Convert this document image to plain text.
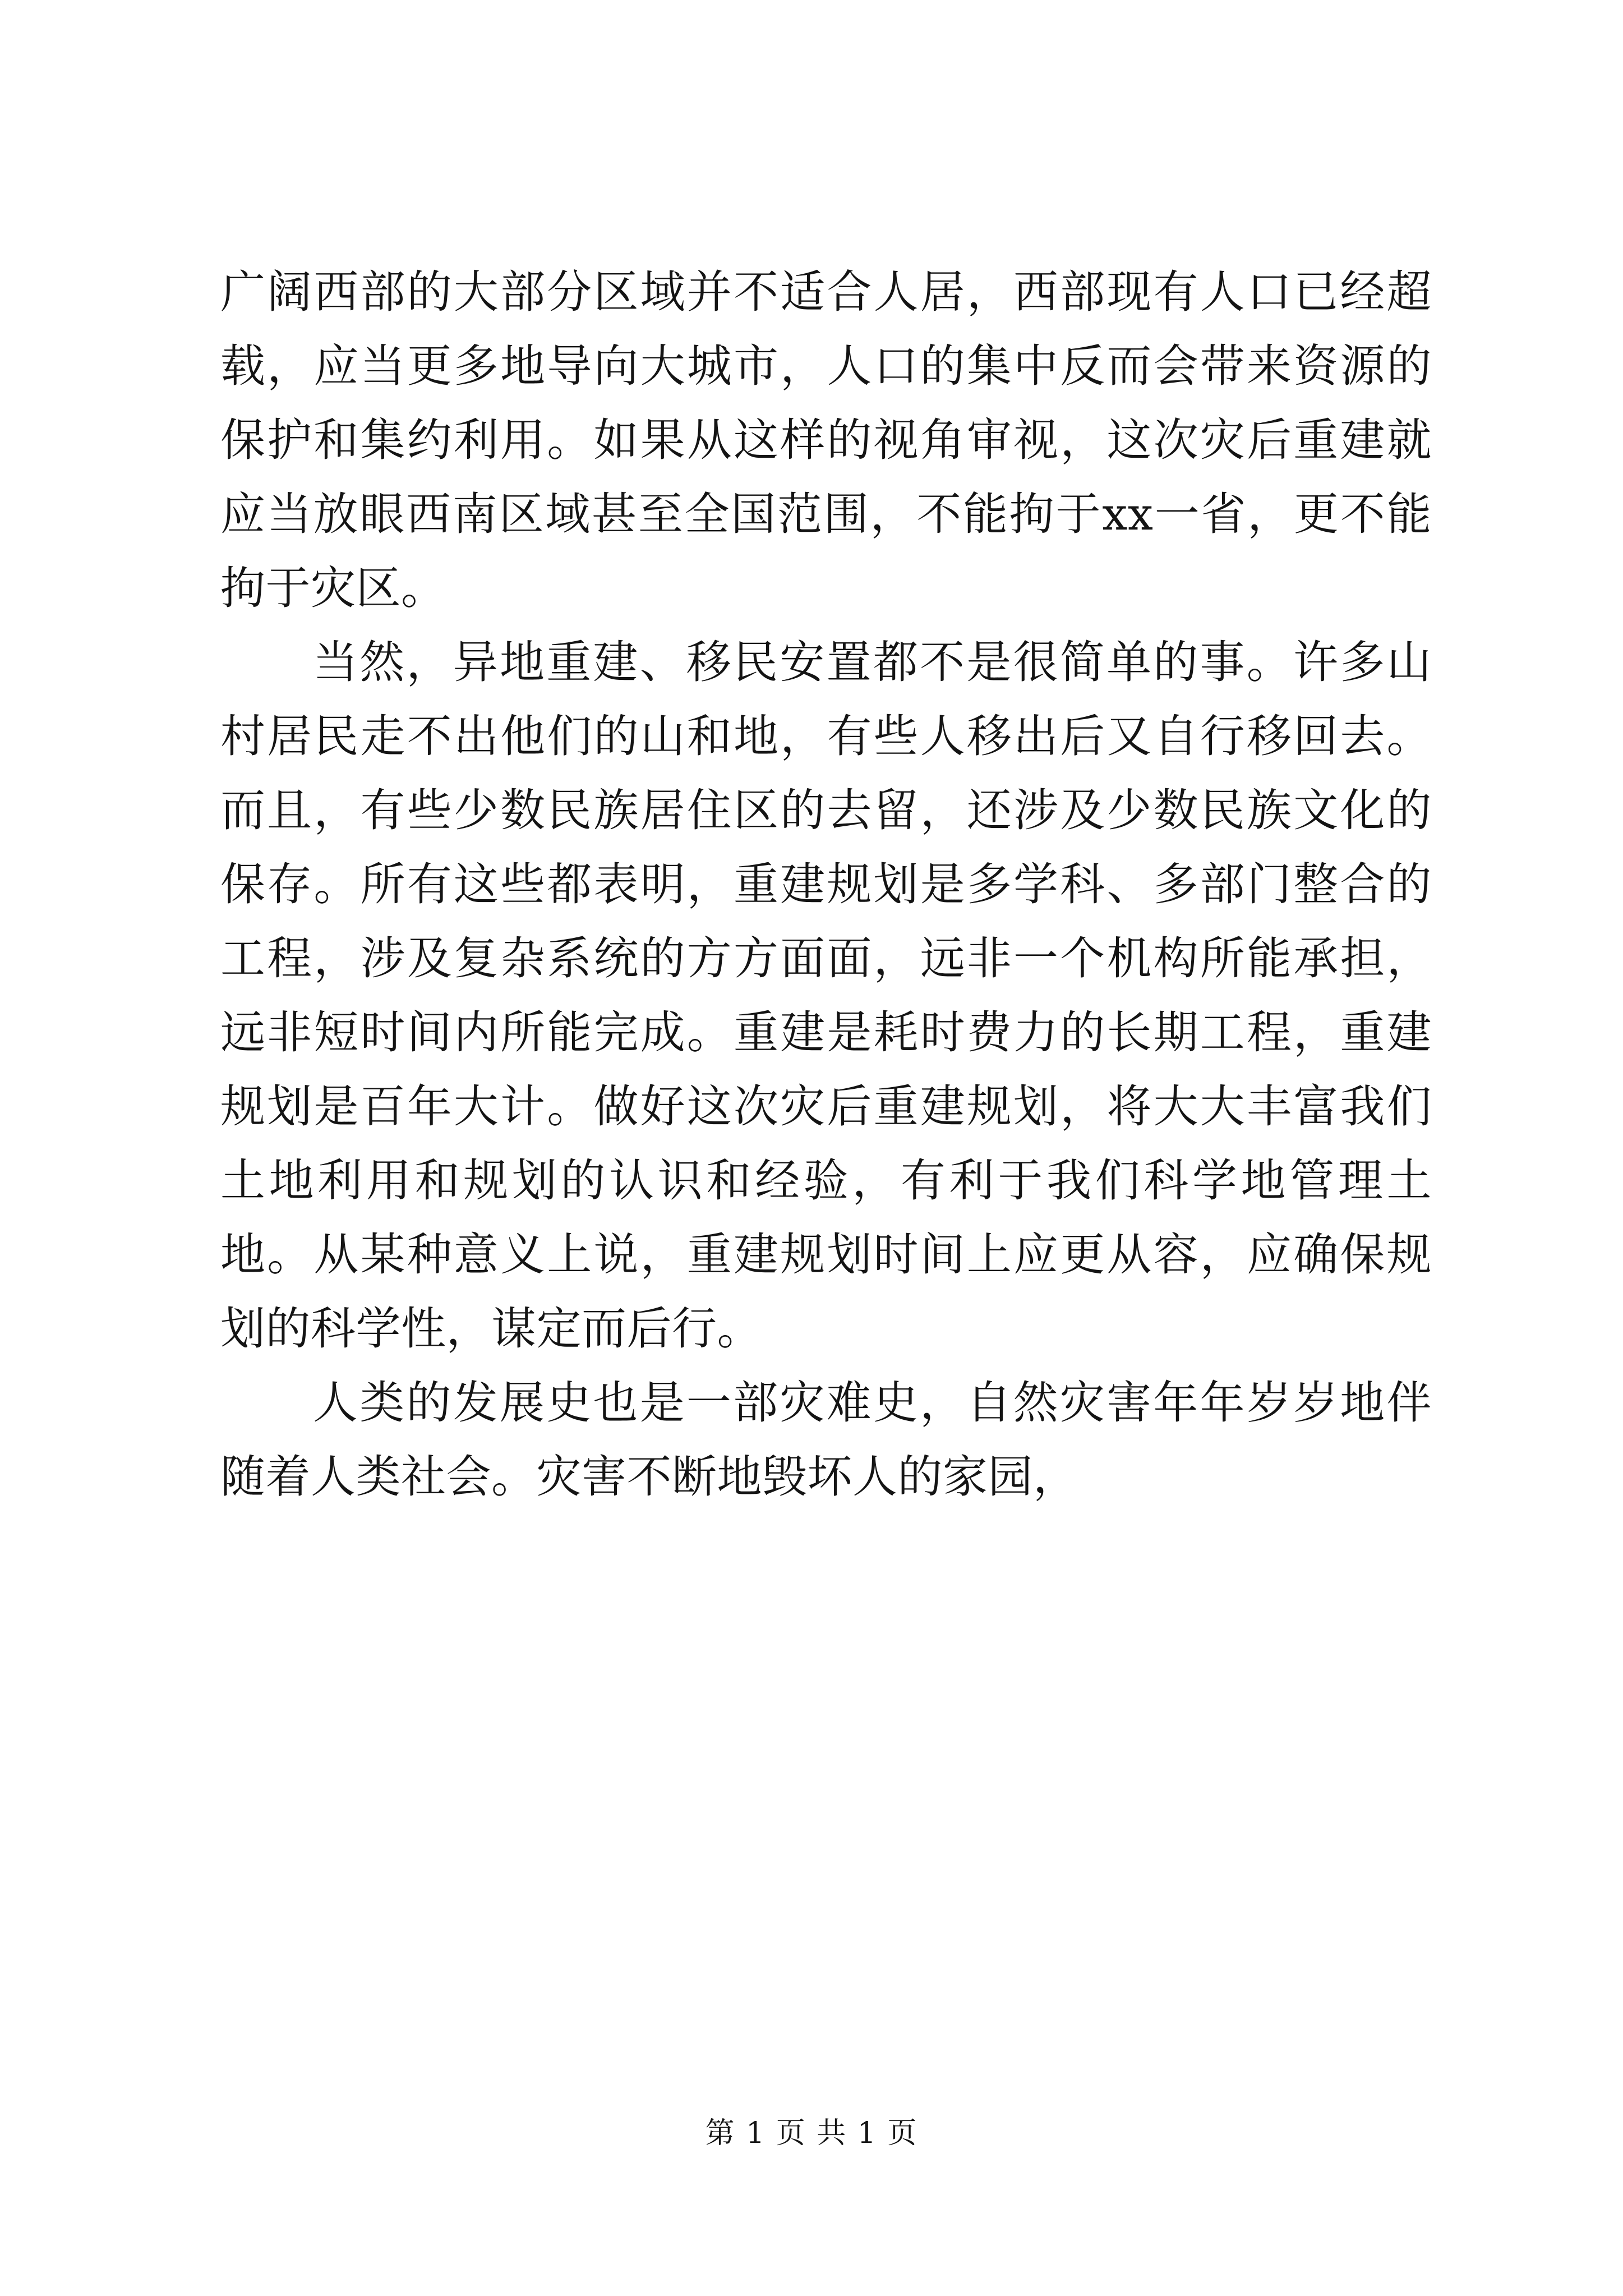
广阔西部的大部分区域并不适合人居，西部现有人口已经超载，应当更多地导向大城市，人口的集中反而会带来资源的保护和集约利用。如果从这样的视角审视，这次灾后重建就应当放眼西南区域甚至全国范围，不能拘于xx一省，更不能拘于灾区。

当然，异地重建、移民安置都不是很简单的事。许多山村居民走不出他们的山和地，有些人移出后又自行移回去。而且，有些少数民族居住区的去留，还涉及少数民族文化的保存。所有这些都表明，重建规划是多学科、多部门整合的工程，涉及复杂系统的方方面面，远非一个机构所能承担，远非短时间内所能完成。重建是耗时费力的长期工程，重建规划是百年大计。做好这次灾后重建规划，将大大丰富我们土地利用和规划的认识和经验，有利于我们科学地管理土地。从某种意义上说，重建规划时间上应更从容，应确保规划的科学性，谋定而后行。

人类的发展史也是一部灾难史，自然灾害年年岁岁地伴随着人类社会。灾害不断地毁坏人的家园，

第 1 页 共 1 页
